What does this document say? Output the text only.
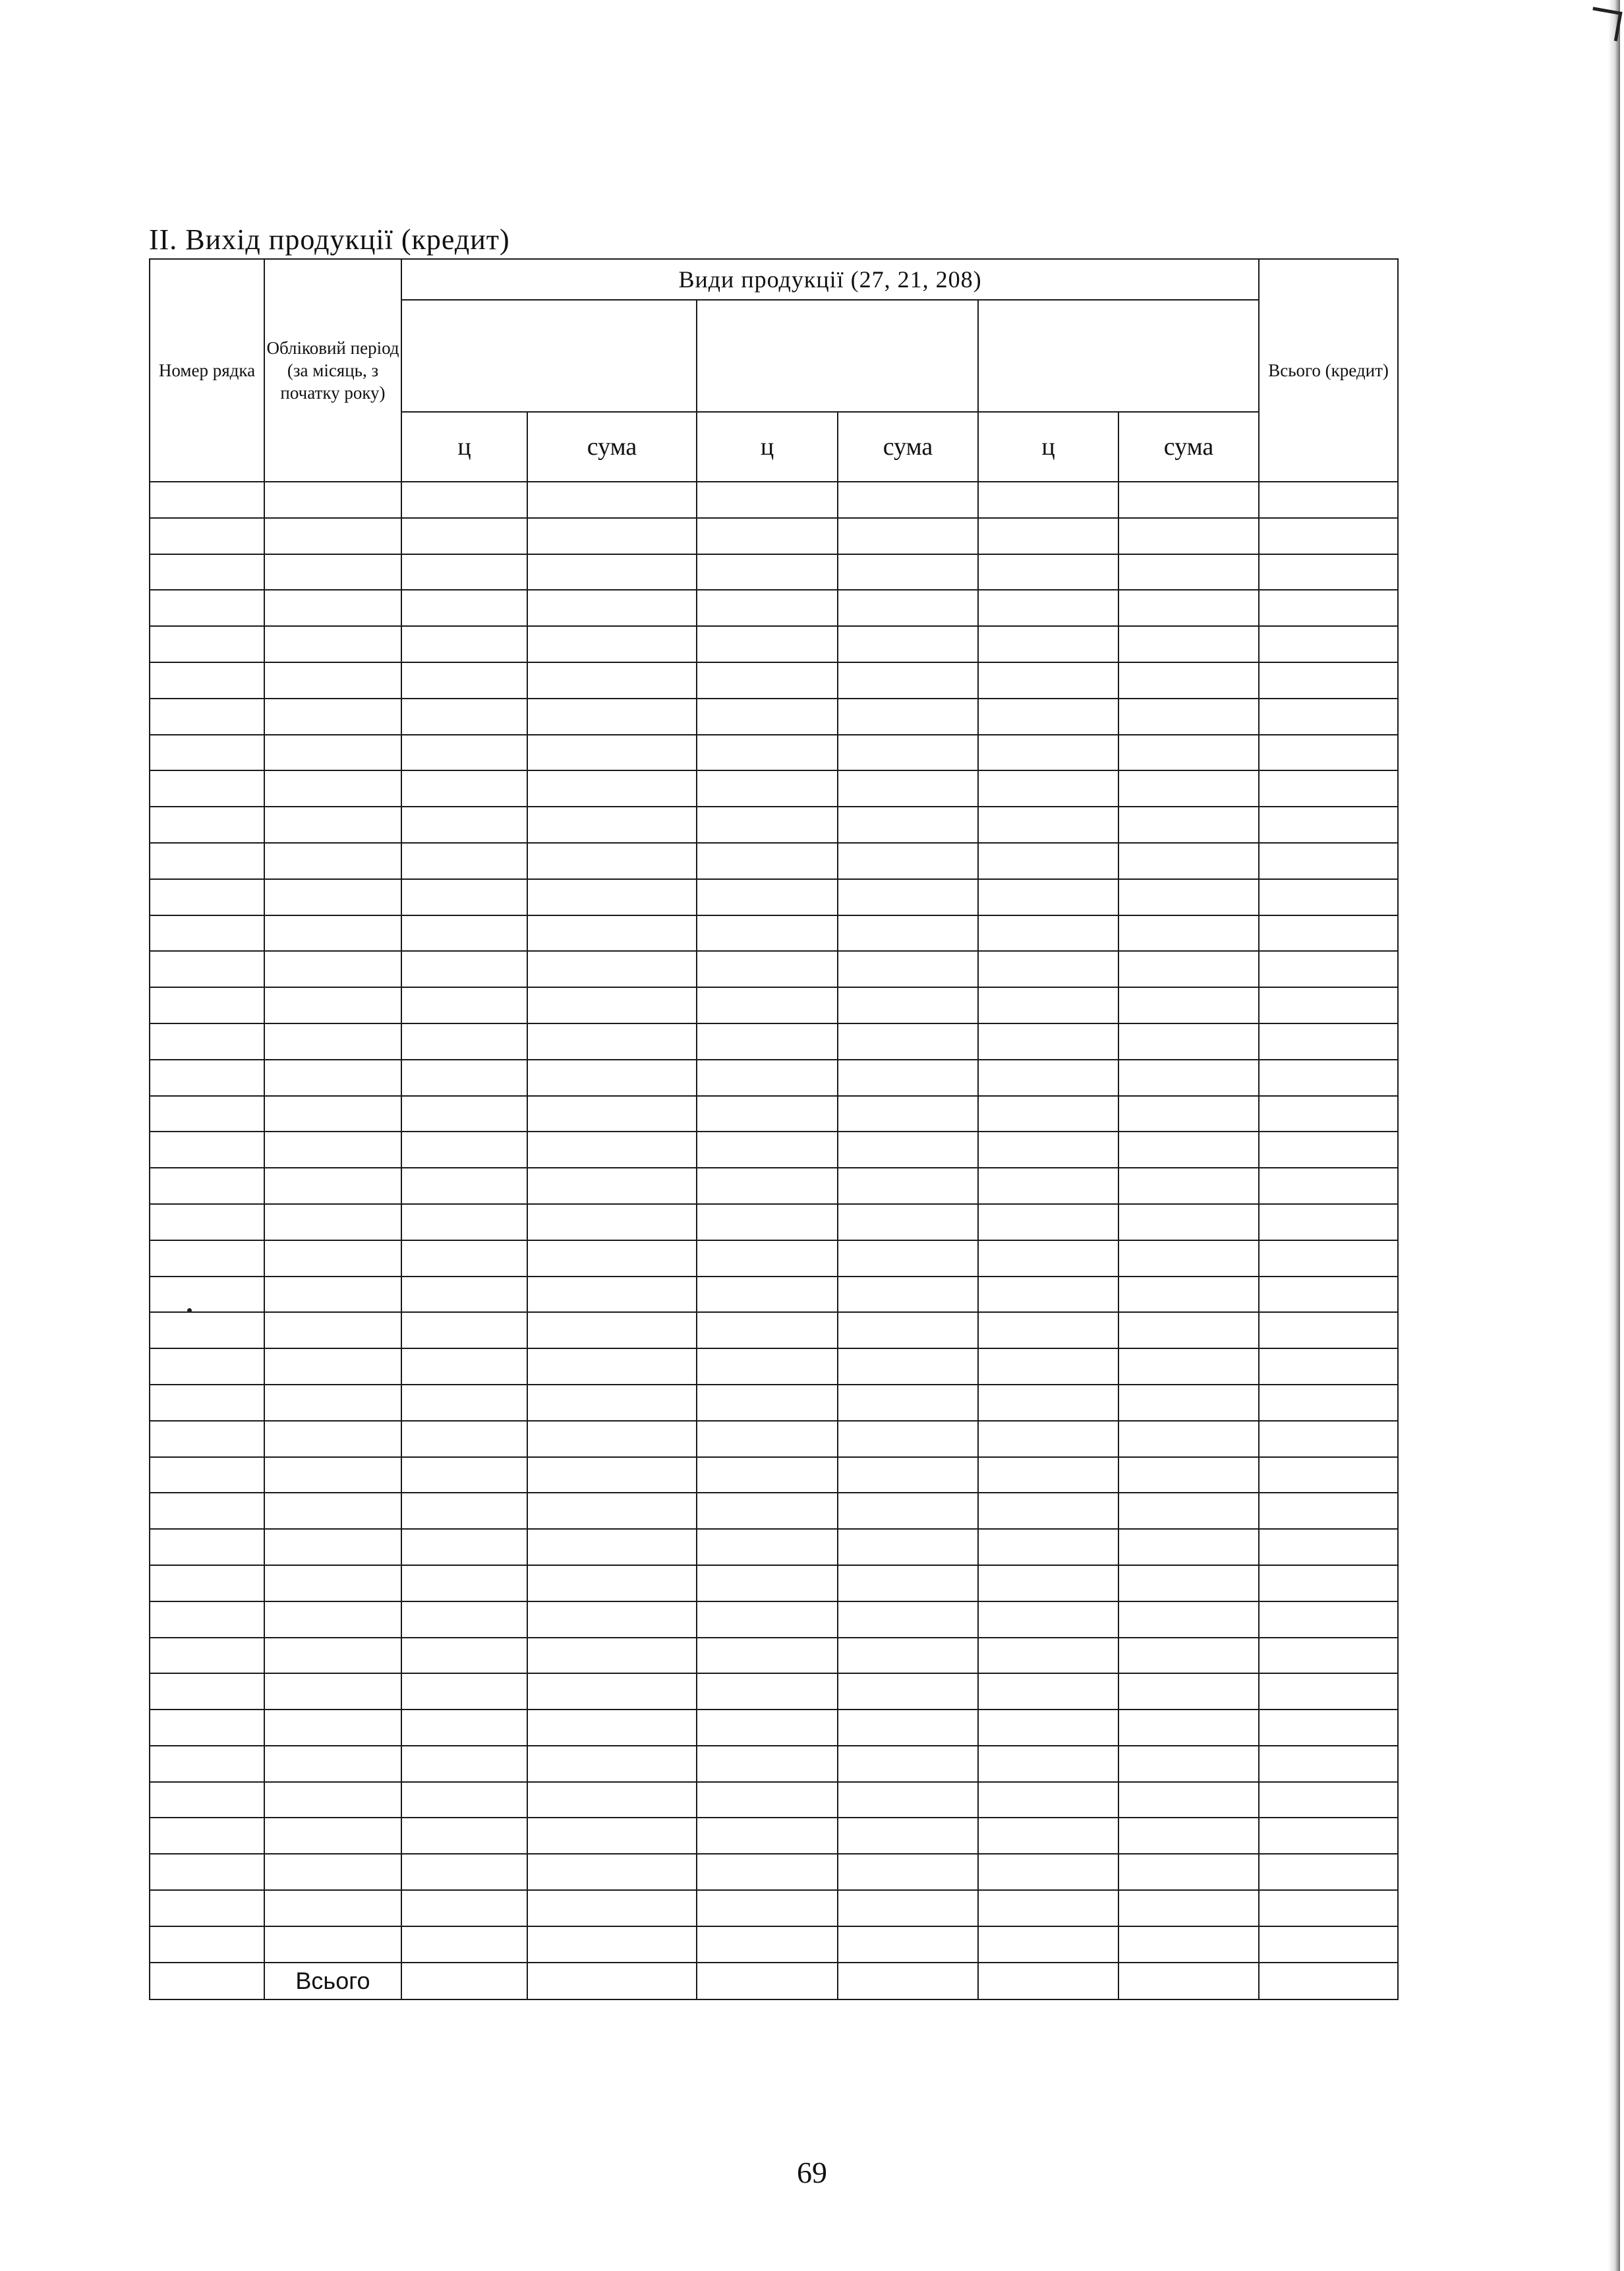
II. Вихід продукції (кредит)
Номер рядка	Обліковий період (за місяць, з початку року)	Види продукції (27, 21, 208)						Всього (кредит)

		ц	сума	ц	сума	ц	сума	

	Всього							
69
